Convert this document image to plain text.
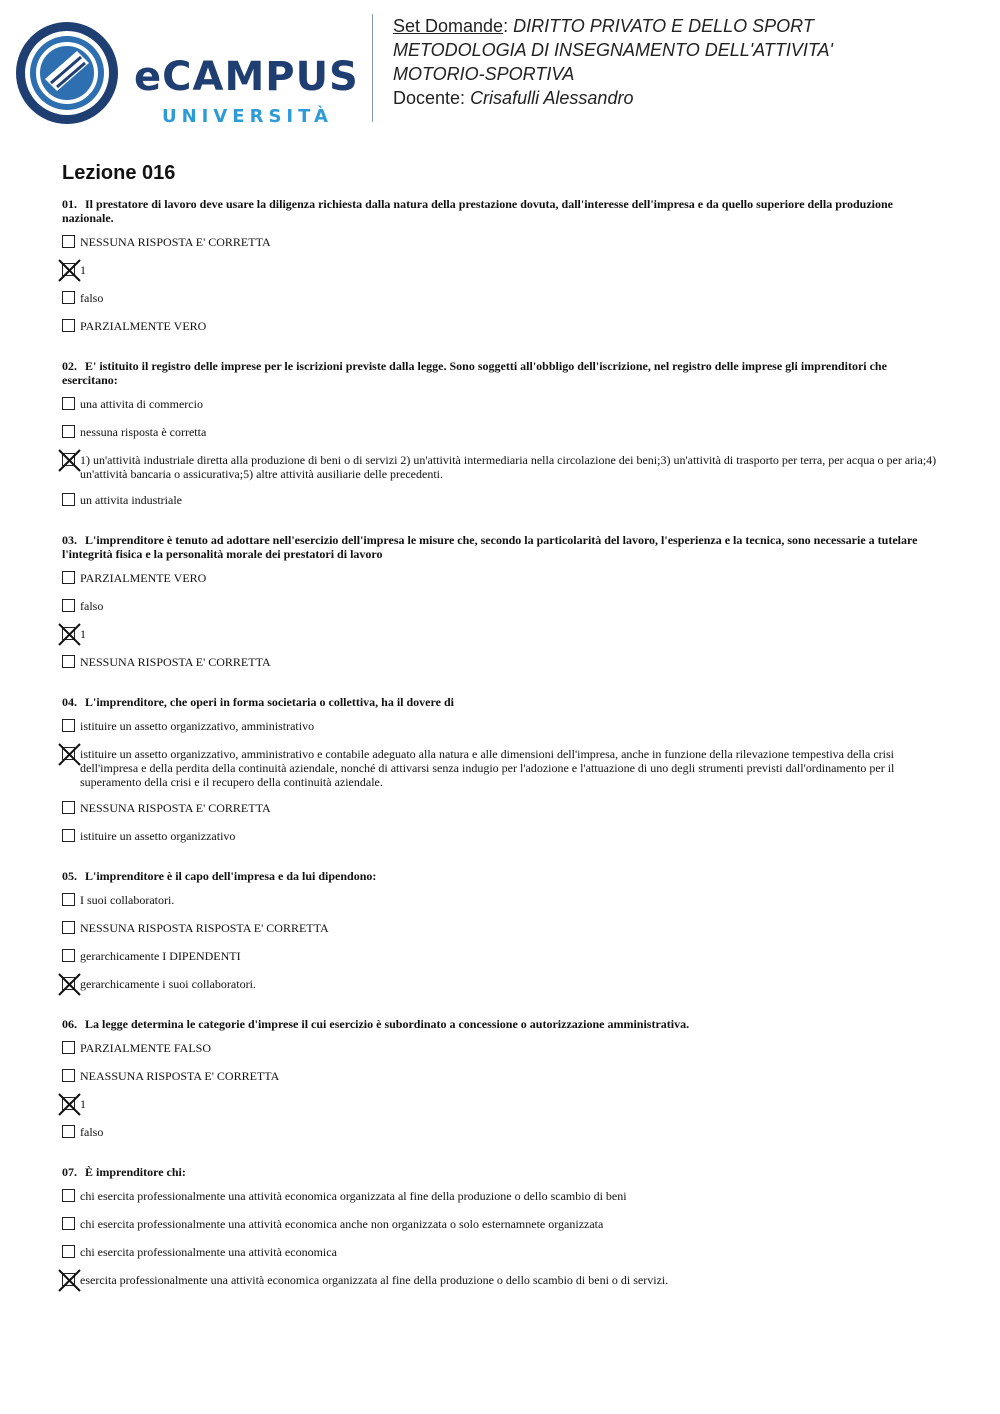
eCAMPUS
UNIVERSITÀ
Set Domande: DIRITTO PRIVATO E DELLO SPORT
METODOLOGIA DI INSEGNAMENTO DELL'ATTIVITA'
MOTORIO-SPORTIVA
Docente: Crisafulli Alessandro
Lezione 016
01. Il prestatore di lavoro deve usare la diligenza richiesta dalla natura della prestazione dovuta, dall'interesse dell'impresa e da quello superiore della produzione nazionale.
NESSUNA RISPOSTA E' CORRETTA
1
falso
PARZIALMENTE VERO
02. E' istituito il registro delle imprese per le iscrizioni previste dalla legge. Sono soggetti all'obbligo dell'iscrizione, nel registro delle imprese gli imprenditori che esercitano:
una attivita di commercio
nessuna risposta è corretta
1) un'attività industriale diretta alla produzione di beni o di servizi 2) un'attività intermediaria nella circolazione dei beni;3) un'attività di trasporto per terra, per acqua o per aria;4) un'attività bancaria o assicurativa;5) altre attività ausiliarie delle precedenti.
un attivita industriale
03. L'imprenditore è tenuto ad adottare nell'esercizio dell'impresa le misure che, secondo la particolarità del lavoro, l'esperienza e la tecnica, sono necessarie a tutelare l'integrità fisica e la personalità morale dei prestatori di lavoro
PARZIALMENTE VERO
falso
1
NESSUNA RISPOSTA E' CORRETTA
04. L'imprenditore, che operi in forma societaria o collettiva, ha il dovere di
istituire un assetto organizzativo, amministrativo
istituire un assetto organizzativo, amministrativo e contabile adeguato alla natura e alle dimensioni dell'impresa, anche in funzione della rilevazione tempestiva della crisi dell'impresa e della perdita della continuità aziendale, nonché di attivarsi senza indugio per l'adozione e l'attuazione di uno degli strumenti previsti dall'ordinamento per il superamento della crisi e il recupero della continuità aziendale.
NESSUNA RISPOSTA E' CORRETTA
istituire un assetto organizzativo
05. L'imprenditore è il capo dell'impresa e da lui dipendono:
I suoi collaboratori.
NESSUNA RISPOSTA RISPOSTA E' CORRETTA
gerarchicamente I DIPENDENTI
gerarchicamente i suoi collaboratori.
06. La legge determina le categorie d'imprese il cui esercizio è subordinato a concessione o autorizzazione amministrativa.
PARZIALMENTE FALSO
NEASSUNA RISPOSTA E' CORRETTA
1
falso
07. È imprenditore chi:
chi esercita professionalmente una attività economica organizzata al fine della produzione o dello scambio di beni
chi esercita professionalmente una attività economica anche non organizzata o solo esternamnete organizzata
chi esercita professionalmente una attività economica
esercita professionalmente una attività economica organizzata al fine della produzione o dello scambio di beni o di servizi.
